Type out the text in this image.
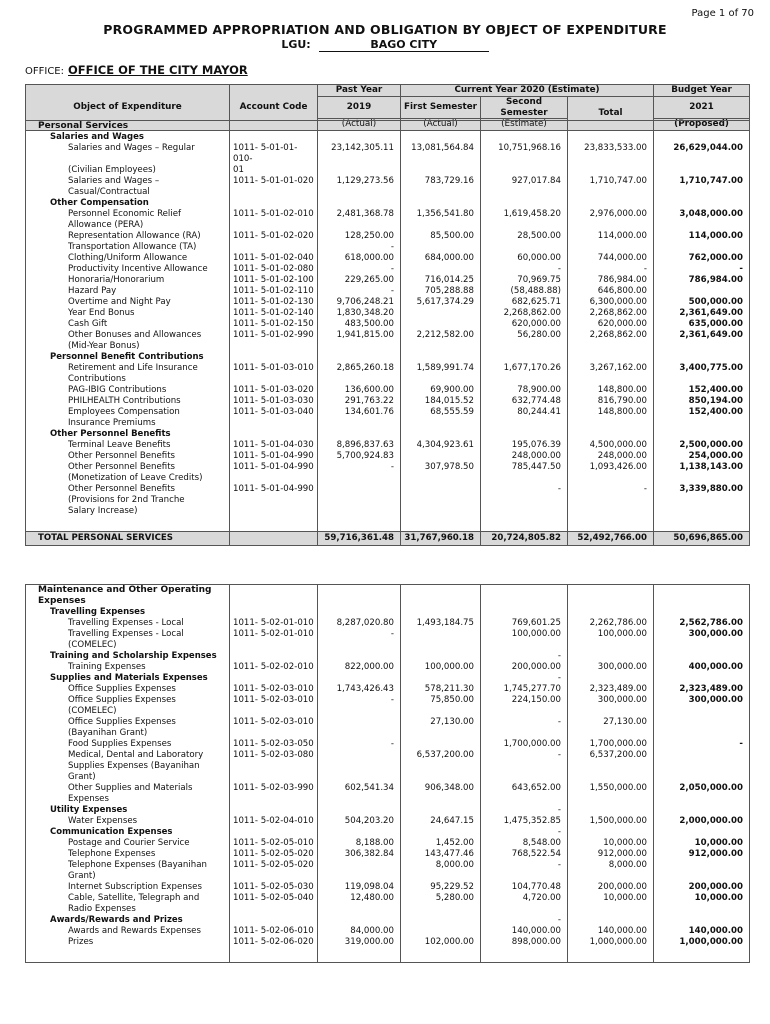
Page 1 of 70
PROGRAMMED APPROPRIATION AND OBLIGATION BY OBJECT OF EXPENDITURE
LGU:	BAGO CITY
OFFICE: OFFICE OF THE CITY MAYOR
Object of Expenditure	Account Code	Past Year	Current Year 2020 (Estimate)			Budget Year
		2019	First Semester	Second Semester	Total	2021
		(Actual)	(Actual)	(Estimate)		(Proposed)
Personal Services						
Salaries and Wages						
Salaries and Wages – Regular	1011- 5-01-01-010-	23,142,305.11	13,081,564.84	10,751,968.16	23,833,533.00	26,629,044.00
(Civilian Employees)	01					
Salaries and Wages –	1011- 5-01-01-020	1,129,273.56	783,729.16	927,017.84	1,710,747.00	1,710,747.00
Casual/Contractual						
Other Compensation						
Personnel Economic Relief	1011- 5-01-02-010	2,481,368.78	1,356,541.80	1,619,458.20	2,976,000.00	3,048,000.00
Allowance (PERA)						
Representation Allowance (RA)	1011- 5-01-02-020	128,250.00	85,500.00	28,500.00	114,000.00	114,000.00
Transportation Allowance (TA)		-				
Clothing/Uniform Allowance	1011- 5-01-02-040	618,000.00	684,000.00	60,000.00	744,000.00	762,000.00
Productivity Incentive Allowance	1011- 5-01-02-080	-		-	-	-
Honoraria/Honorarium	1011- 5-01-02-100	229,265.00	716,014.25	70,969.75	786,984.00	786,984.00
Hazard Pay	1011- 5-01-02-110	-	705,288.88	(58,488.88)	646,800.00	
Overtime and Night Pay	1011- 5-01-02-130	9,706,248.21	5,617,374.29	682,625.71	6,300,000.00	500,000.00
Year End Bonus	1011- 5-01-02-140	1,830,348.20		2,268,862.00	2,268,862.00	2,361,649.00
Cash Gift	1011- 5-01-02-150	483,500.00		620,000.00	620,000.00	635,000.00
Other Bonuses and Allowances	1011- 5-01-02-990	1,941,815.00	2,212,582.00	56,280.00	2,268,862.00	2,361,649.00
(Mid-Year Bonus)						
Personnel Benefit Contributions						
Retirement and Life Insurance	1011- 5-01-03-010	2,865,260.18	1,589,991.74	1,677,170.26	3,267,162.00	3,400,775.00
Contributions						
PAG-IBIG Contributions	1011- 5-01-03-020	136,600.00	69,900.00	78,900.00	148,800.00	152,400.00
PHILHEALTH Contributions	1011- 5-01-03-030	291,763.22	184,015.52	632,774.48	816,790.00	850,194.00
Employees Compensation	1011- 5-01-03-040	134,601.76	68,555.59	80,244.41	148,800.00	152,400.00
Insurance Premiums						
Other Personnel Benefits						
Terminal Leave Benefits	1011- 5-01-04-030	8,896,837.63	4,304,923.61	195,076.39	4,500,000.00	2,500,000.00
Other Personnel Benefits	1011- 5-01-04-990	5,700,924.83		248,000.00	248,000.00	254,000.00
Other Personnel Benefits	1011- 5-01-04-990	-	307,978.50	785,447.50	1,093,426.00	1,138,143.00
(Monetization of Leave Credits)						
Other Personnel Benefits	1011- 5-01-04-990			-	-	3,339,880.00
(Provisions for 2nd Tranche						
Salary Increase)						

TOTAL PERSONAL SERVICES		59,716,361.48	31,767,960.18	20,724,805.82	52,492,766.00	50,696,865.00
Maintenance and Other Operating Expenses						
Travelling Expenses						
Travelling Expenses - Local	1011- 5-02-01-010	8,287,020.80	1,493,184.75	769,601.25	2,262,786.00	2,562,786.00
Travelling Expenses - Local	1011- 5-02-01-010	-		100,000.00	100,000.00	300,000.00
(COMELEC)						
Training and Scholarship Expenses				-		
Training Expenses	1011- 5-02-02-010	822,000.00	100,000.00	200,000.00	300,000.00	400,000.00
Supplies and Materials Expenses				-		
Office Supplies Expenses	1011- 5-02-03-010	1,743,426.43	578,211.30	1,745,277.70	2,323,489.00	2,323,489.00
Office Supplies Expenses	1011- 5-02-03-010	-	75,850.00	224,150.00	300,000.00	300,000.00
(COMELEC)						
Office Supplies Expenses	1011- 5-02-03-010		27,130.00	-	27,130.00	
(Bayanihan Grant)						
Food Supplies Expenses	1011- 5-02-03-050	-		1,700,000.00	1,700,000.00	-
Medical, Dental and Laboratory	1011- 5-02-03-080		6,537,200.00	-	6,537,200.00	
Supplies Expenses (Bayanihan						
Grant)						
Other Supplies and Materials	1011- 5-02-03-990	602,541.34	906,348.00	643,652.00	1,550,000.00	2,050,000.00
Expenses						
Utility Expenses				-		
Water Expenses	1011- 5-02-04-010	504,203.20	24,647.15	1,475,352.85	1,500,000.00	2,000,000.00
Communication Expenses				-		
Postage and Courier Service	1011- 5-02-05-010	8,188.00	1,452.00	8,548.00	10,000.00	10,000.00
Telephone Expenses	1011- 5-02-05-020	306,382.84	143,477.46	768,522.54	912,000.00	912,000.00
Telephone Expenses (Bayanihan	1011- 5-02-05-020		8,000.00	-	8,000.00	
Grant)						
Internet Subscription Expenses	1011- 5-02-05-030	119,098.04	95,229.52	104,770.48	200,000.00	200,000.00
Cable, Satellite, Telegraph and	1011- 5-02-05-040	12,480.00	5,280.00	4,720.00	10,000.00	10,000.00
Radio Expenses						
Awards/Rewards and Prizes				-		
Awards and Rewards Expenses	1011- 5-02-06-010	84,000.00		140,000.00	140,000.00	140,000.00
Prizes	1011- 5-02-06-020	319,000.00	102,000.00	898,000.00	1,000,000.00	1,000,000.00
